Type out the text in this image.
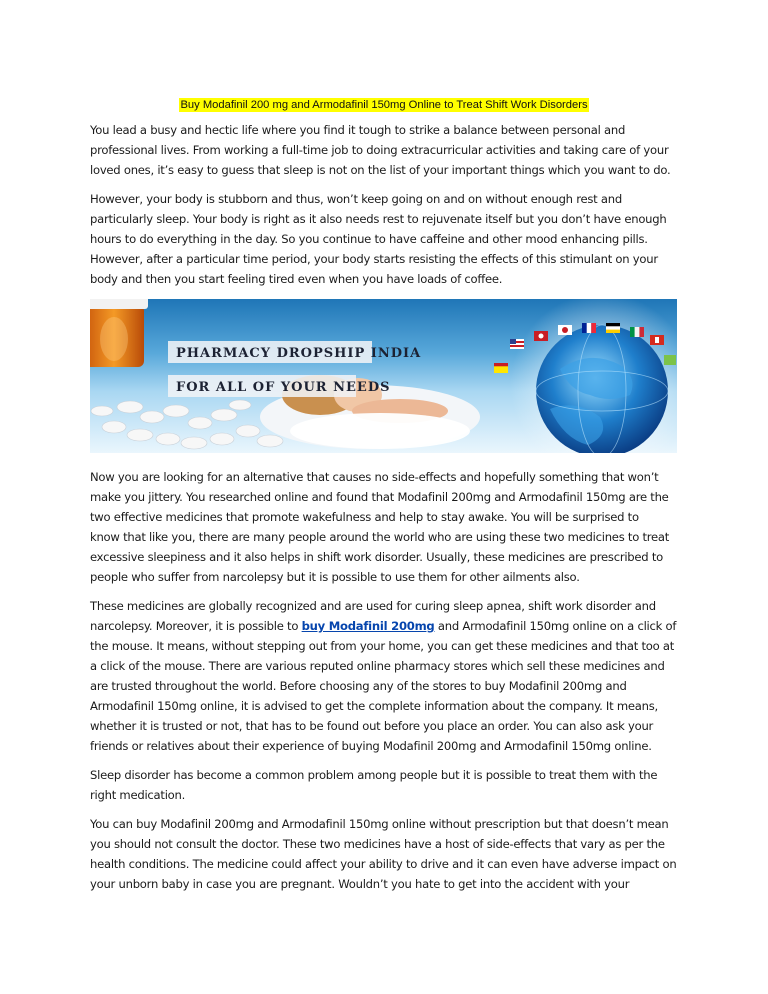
Buy Modafinil 200 mg and Armodafinil 150mg Online to Treat Shift Work Disorders

You lead a busy and hectic life where you find it tough to strike a balance between personal and
professional lives. From working a full-time job to doing extracurricular activities and taking care of your
loved ones, it’s easy to guess that sleep is not on the list of your important things which you want to do.

However, your body is stubborn and thus, won’t keep going on and on without enough rest and
particularly sleep. Your body is right as it also needs rest to rejuvenate itself but you don’t have enough
hours to do everything in the day. So you continue to have caffeine and other mood enhancing pills.
However, after a particular time period, your body starts resisting the effects of this stimulant on your
body and then you start feeling tired even when you have loads of coffee.

PHARMACY DROPSHIP INDIA
FOR ALL OF YOUR NEEDS

Now you are looking for an alternative that causes no side-effects and hopefully something that won’t
make you jittery. You researched online and found that Modafinil 200mg and Armodafinil 150mg are the
two effective medicines that promote wakefulness and help to stay awake. You will be surprised to
know that like you, there are many people around the world who are using these two medicines to treat
excessive sleepiness and it also helps in shift work disorder. Usually, these medicines are prescribed to
people who suffer from narcolepsy but it is possible to use them for other ailments also.

These medicines are globally recognized and are used for curing sleep apnea, shift work disorder and
narcolepsy. Moreover, it is possible to buy Modafinil 200mg and Armodafinil 150mg online on a click of
the mouse. It means, without stepping out from your home, you can get these medicines and that too at
a click of the mouse. There are various reputed online pharmacy stores which sell these medicines and
are trusted throughout the world. Before choosing any of the stores to buy Modafinil 200mg and
Armodafinil 150mg online, it is advised to get the complete information about the company. It means,
whether it is trusted or not, that has to be found out before you place an order. You can also ask your
friends or relatives about their experience of buying Modafinil 200mg and Armodafinil 150mg online.

Sleep disorder has become a common problem among people but it is possible to treat them with the
right medication.

You can buy Modafinil 200mg and Armodafinil 150mg online without prescription but that doesn’t mean
you should not consult the doctor. These two medicines have a host of side-effects that vary as per the
health conditions. The medicine could affect your ability to drive and it can even have adverse impact on
your unborn baby in case you are pregnant. Wouldn’t you hate to get into the accident with your
